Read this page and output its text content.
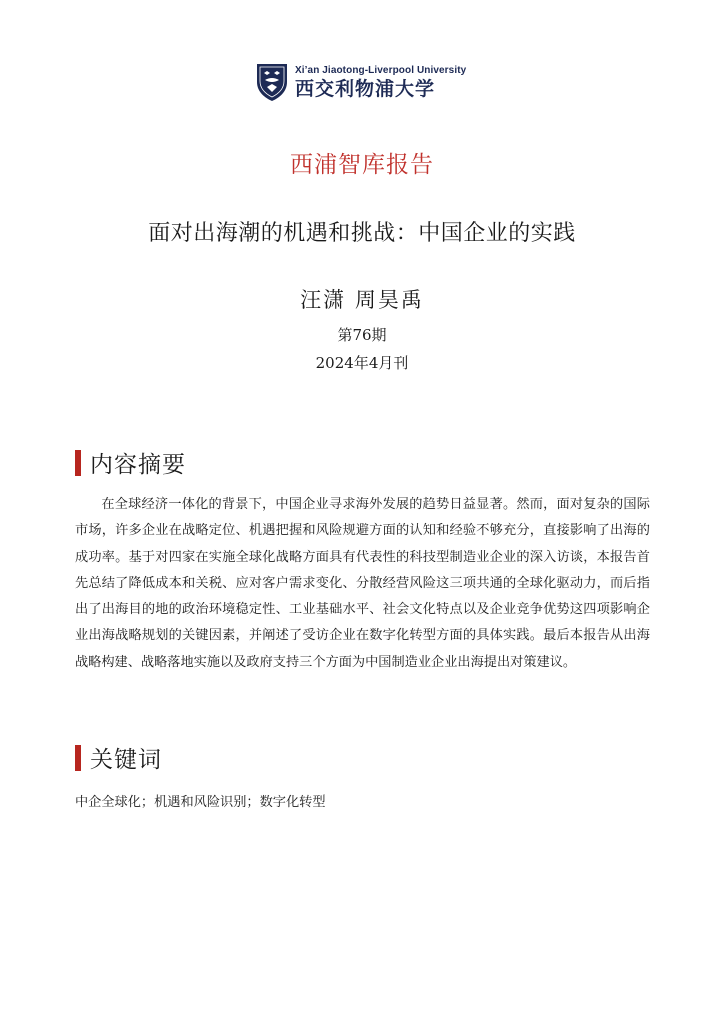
Xi’an Jiaotong-Liverpool University
西交利物浦大学
西浦智库报告
面对出海潮的机遇和挑战：中国企业的实践
汪潇 周昊禹
第76期
2024年4月刊
内容摘要

在全球经济一体化的背景下，中国企业寻求海外发展的趋势日益显著。然而，面对复杂的国际市场，许多企业在战略定位、机遇把握和风险规避方面的认知和经验不够充分，直接影响了出海的成功率。基于对四家在实施全球化战略方面具有代表性的科技型制造业企业的深入访谈，本报告首先总结了降低成本和关税、应对客户需求变化、分散经营风险这三项共通的全球化驱动力，而后指出了出海目的地的政治环境稳定性、工业基础水平、社会文化特点以及企业竞争优势这四项影响企业出海战略规划的关键因素，并阐述了受访企业在数字化转型方面的具体实践。最后本报告从出海战略构建、战略落地实施以及政府支持三个方面为中国制造业企业出海提出对策建议。

关键词

中企全球化；机遇和风险识别；数字化转型
